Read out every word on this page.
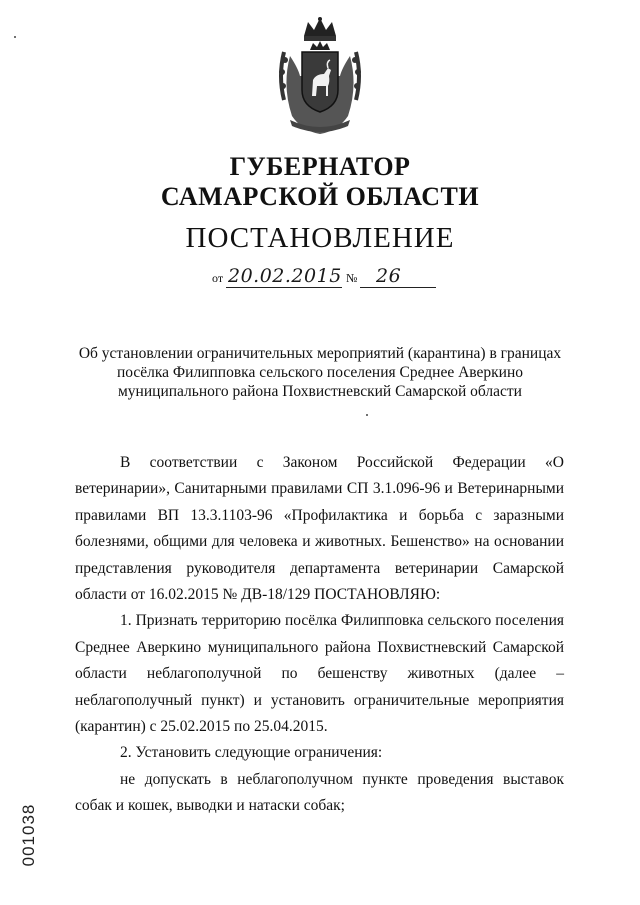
ГУБЕРНАТОР
САМАРСКОЙ ОБЛАСТИ
ПОСТАНОВЛЕНИЕ
от 20.02.2015 № 26
Об установлении ограничительных мероприятий (карантина) в границах
посёлка Филипповка сельского поселения Среднее Аверкино
муниципального района Похвистневский Самарской области

В соответствии с Законом Российской Федерации «О ветеринарии», Санитарными правилами СП 3.1.096-96 и Ветеринарными правилами ВП 13.3.1103-96 «Профилактика и борьба с заразными болезнями, общими для человека и животных. Бешенство» на основании представления руководителя департамента ветеринарии Самарской области от 16.02.2015 № ДВ-18/129 ПОСТАНОВЛЯЮ:

1. Признать территорию посёлка Филипповка сельского поселения Среднее Аверкино муниципального района Похвистневский Самарской области неблагополучной по бешенству животных (далее – неблагополучный пункт) и установить ограничительные мероприятия (карантин) с 25.02.2015 по 25.04.2015.

2. Установить следующие ограничения:

не допускать в неблагополучном пункте проведения выставок собак и кошек, выводки и натаски собак;

001038
